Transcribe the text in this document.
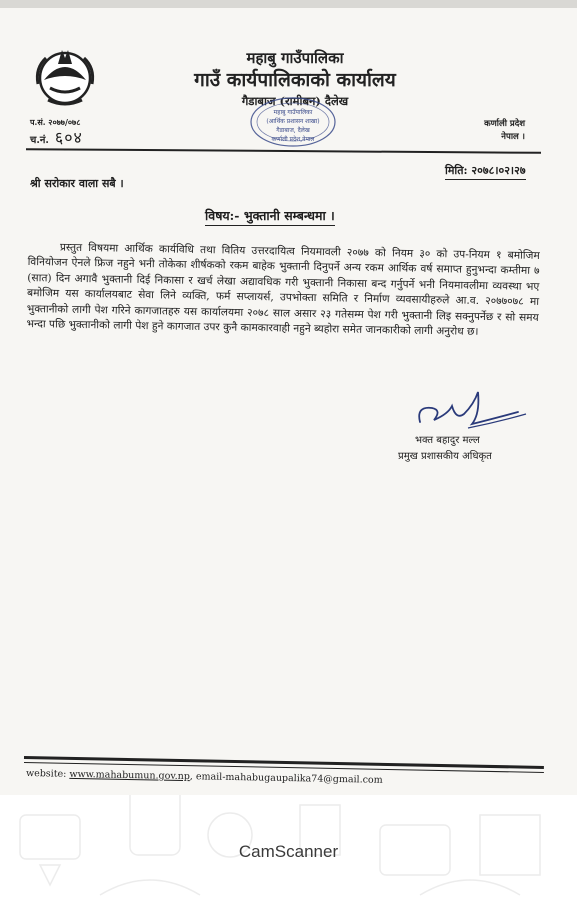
महाबु गाउँपालिका
गाउँ कार्यपालिकाको कार्यालय
गैडाबाज (रामीबन) दैलेख
महाबु गाउँपालिका
(आर्थिक प्रशासन शाखा)
गैडाबाज, दैलेख
कर्णाली प्रदेश,नेपाल
प.सं. २०७७/०७८
च.नं. ६०४
कर्णाली प्रदेश
नेपाल ।
मिति: २०७८।०२।२७
श्री सरोकार वाला सबै ।
विषय:- भुक्तानी सम्बन्धमा ।

प्रस्तुत विषयमा आर्थिक कार्यविधि तथा वितिय उत्तरदायित्व नियमावली २०७७ को नियम ३० को उप-नियम १ बमोजिम विनियोजन ऐनले फ्रिज नहुने भनी तोकेका शीर्षकको रकम बाहेक भुक्तानी दिनुपर्ने अन्य रकम आर्थिक वर्ष समाप्त हुनुभन्दा कम्तीमा ७ (सात) दिन अगावै भुक्तानी दिई निकासा र खर्च लेखा अद्यावधिक गरी भुक्तानी निकासा बन्द गर्नुपर्ने भनी नियमावलीमा व्यवस्था भए बमोजिम यस कार्यालयबाट सेवा लिने व्यक्ति, फर्म सप्लायर्स, उपभोक्ता समिति र निर्माण व्यवसायीहरुले आ.व. २०७७०७८ मा भुक्तानीको लागी पेश गरिने कागजातहरु यस कार्यालयमा २०७८ साल असार २३ गतेसम्म पेश गरी भुक्तानी लिइ सक्नुपर्नेछ र सो समय भन्दा पछि भुक्तानीको लागी पेश हुने कागजात उपर कुनै कामकारवाही नहुने ब्यहोरा समेत जानकारीको लागी अनुरोध छ।

भक्त बहादुर मल्ल
प्रमुख प्रशासकीय अधिकृत
website: www.mahabumun.gov.np, email-mahabugaupalika74@gmail.com
CamScanner
